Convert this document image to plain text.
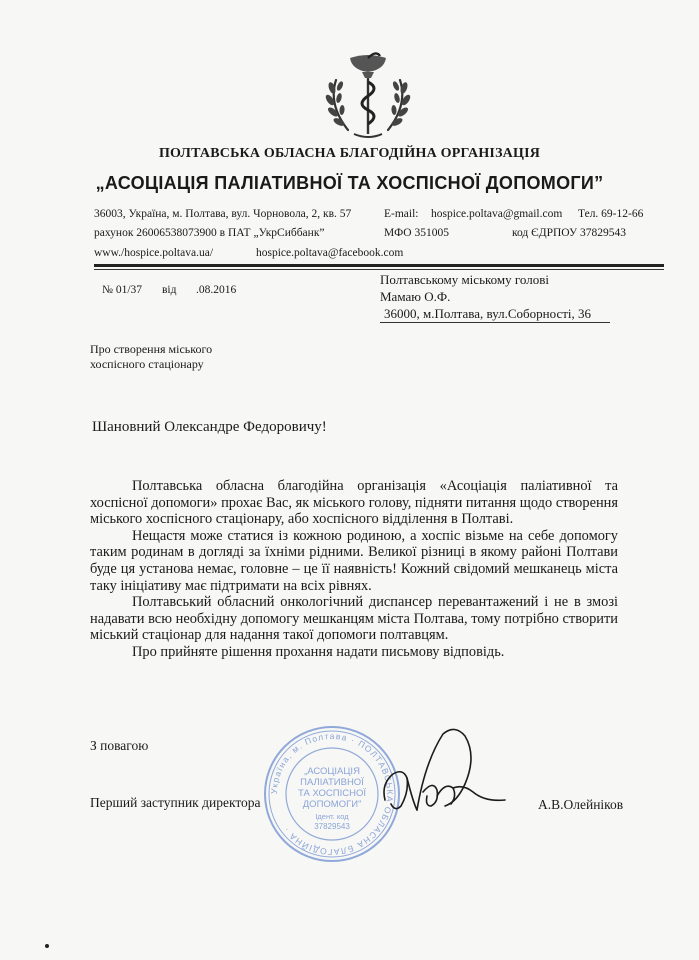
ПОЛТАВСЬКА ОБЛАСНА БЛАГОДІЙНА ОРГАНІЗАЦІЯ
„АСОЦІАЦІЯ ПАЛІАТИВНОЇ ТА ХОСПІСНОЇ ДОПОМОГИ”
36003, Україна, м. Полтава, вул. Чорновола, 2, кв. 57	E-mail: hospice.poltava@gmail.com Тел. 69-12-66
рахунок 26006538073900 в ПАТ „УкрСиббанк”	МФО 351005	код ЄДРПОУ 37829543
www./hospice.poltava.ua/	hospice.poltava@facebook.com
№ 01/37 від .08.2016
Полтавському міському голові
Мамаю О.Ф.
36000, м.Полтава, вул.Соборності, 36
Про створення міського
хоспісного стаціонару
Шановний Олександре Федоровичу!

Полтавська обласна благодійна організація «Асоціація паліативної та хоспісної допомоги» прохає Вас, як міського голову, підняти питання щодо створення міського хоспісного стаціонару, або хоспісного відділення в Полтаві.

Нещастя може статися із кожною родиною, а хоспіс візьме на себе допомогу таким родинам в догляді за їхніми рідними. Великої різниці в якому районі Полтави буде ця установа немає, головне – це її наявність! Кожний свідомий мешканець міста таку ініціативу має підтримати на всіх рівнях.

Полтавський обласний онкологічний диспансер перевантажений і не в змозі надавати всю необхідну допомогу мешканцям міста Полтава, тому потрібно створити міський стаціонар для надання такої допомоги полтавцям.

Про прийняте рішення прохання надати письмову відповідь.

З повагою
Перший заступник директора	А.В.Олейніков
Україна, м. Полтава · ПОЛТАВСЬКА ОБЛАСНА БЛАГОДІЙНА ·
„АСОЦІАЦІЯ
ПАЛІАТИВНОЇ
ТА ХОСПІСНОЇ
ДОПОМОГИ”
Ідент. код
37829543
